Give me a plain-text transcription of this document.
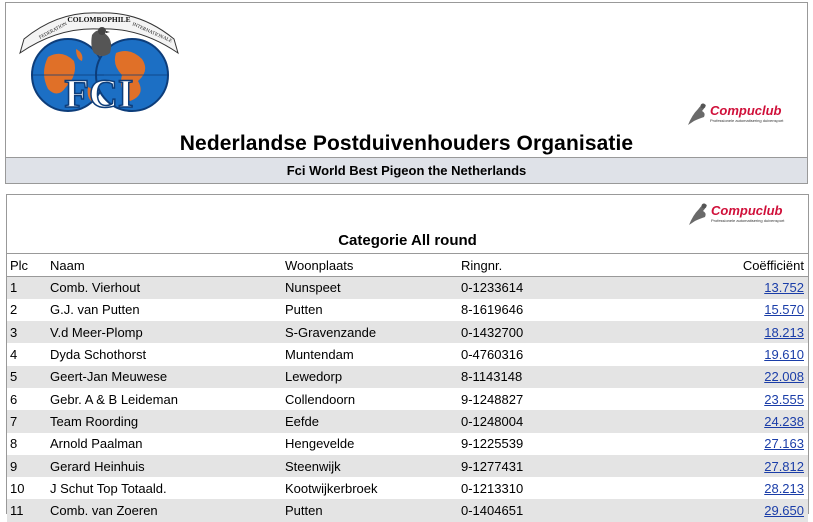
COLOMBOPHILE
FEDERATION	INTERNATIONALE
FCI	Compuclub
Professionele automatisering duivensport
Nederlandse Postduivenhouders Organisatie
Fci World Best Pigeon the Netherlands
Compuclub
Professionele automatisering duivensport
Categorie All round
Plc	Naam	Woonplaats	Ringnr.	Coëfficiënt
1	Comb. Vierhout	Nunspeet	0-1233614	13.752
2	G.J. van Putten	Putten	8-1619646	15.570
3	V.d Meer-Plomp	S-Gravenzande	0-1432700	18.213
4	Dyda Schothorst	Muntendam	0-4760316	19.610
5	Geert-Jan Meuwese	Lewedorp	8-1143148	22.008
6	Gebr. A & B Leideman	Collendoorn	9-1248827	23.555
7	Team Roording	Eefde	0-1248004	24.238
8	Arnold Paalman	Hengevelde	9-1225539	27.163
9	Gerard Heinhuis	Steenwijk	9-1277431	27.812
10	J Schut Top Totaald.	Kootwijkerbroek	0-1213310	28.213
11	Comb. van Zoeren	Putten	0-1404651	29.650
